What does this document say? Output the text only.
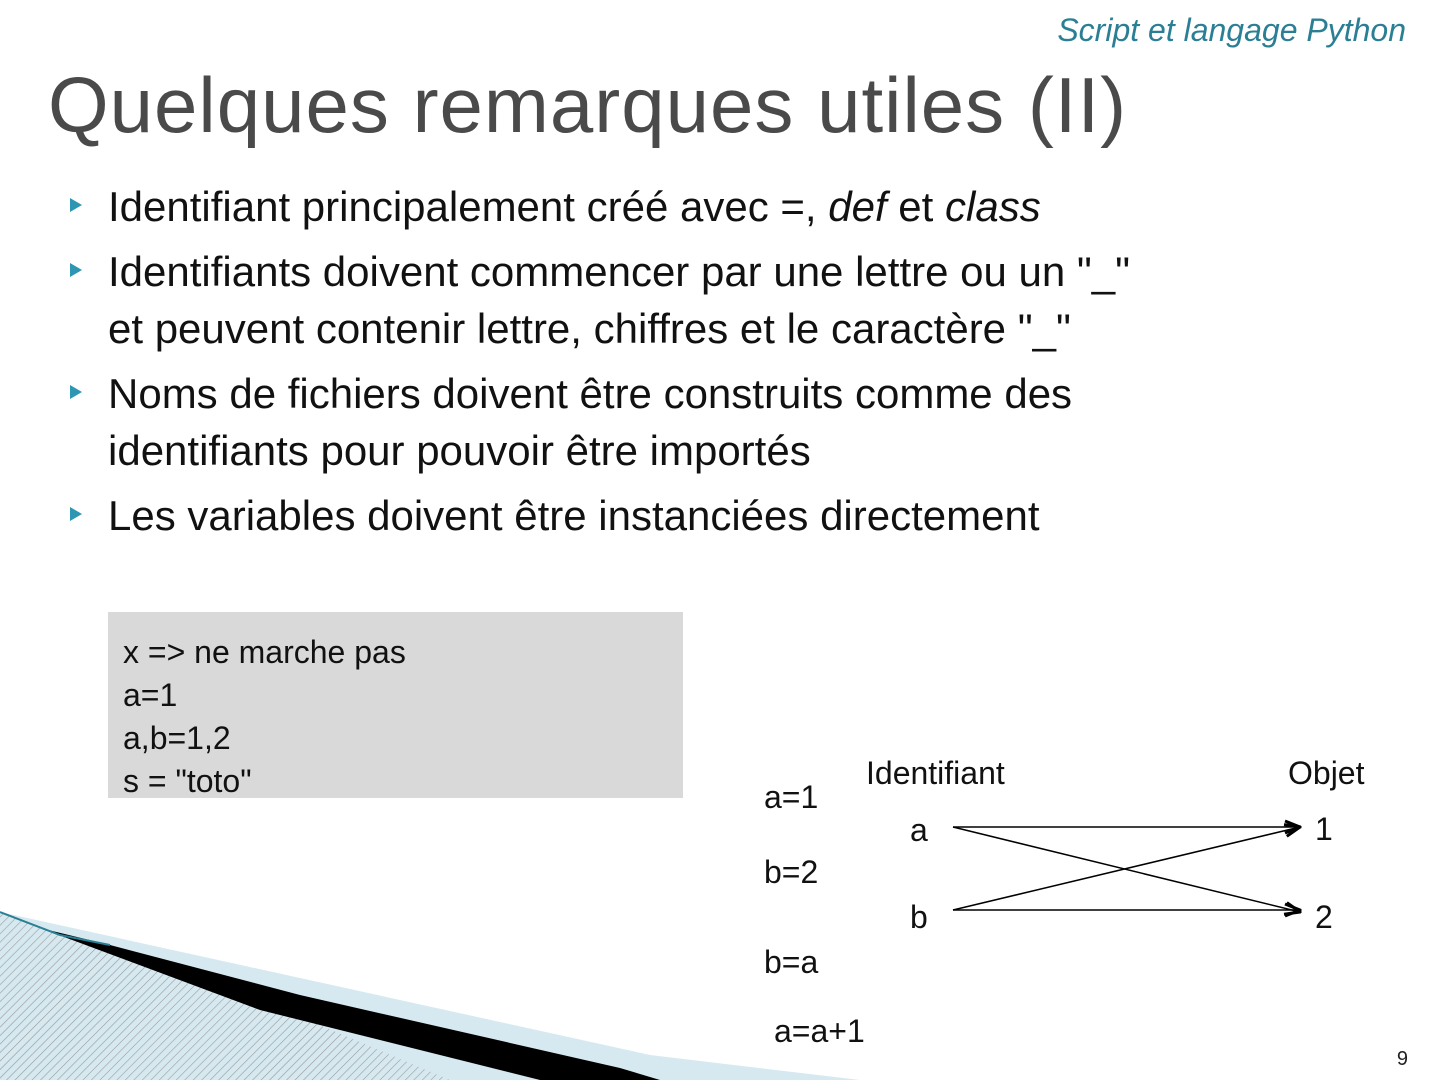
Script et langage Python
Quelques remarques utiles (II)
Identifiant principalement créé avec =, def et class
Identifiants doivent commencer par une lettre ou un "_"
et peuvent contenir lettre, chiffres et le caractère "_"
Noms de fichiers doivent être construits comme des
identifiants pour pouvoir être importés
Les variables doivent être instanciées directement
x => ne marche pas
a=1
a,b=1,2
s = "toto"	Identifiant	Objet
a=1
b=2
b=a
a=a+1
a
b
1
2
9
